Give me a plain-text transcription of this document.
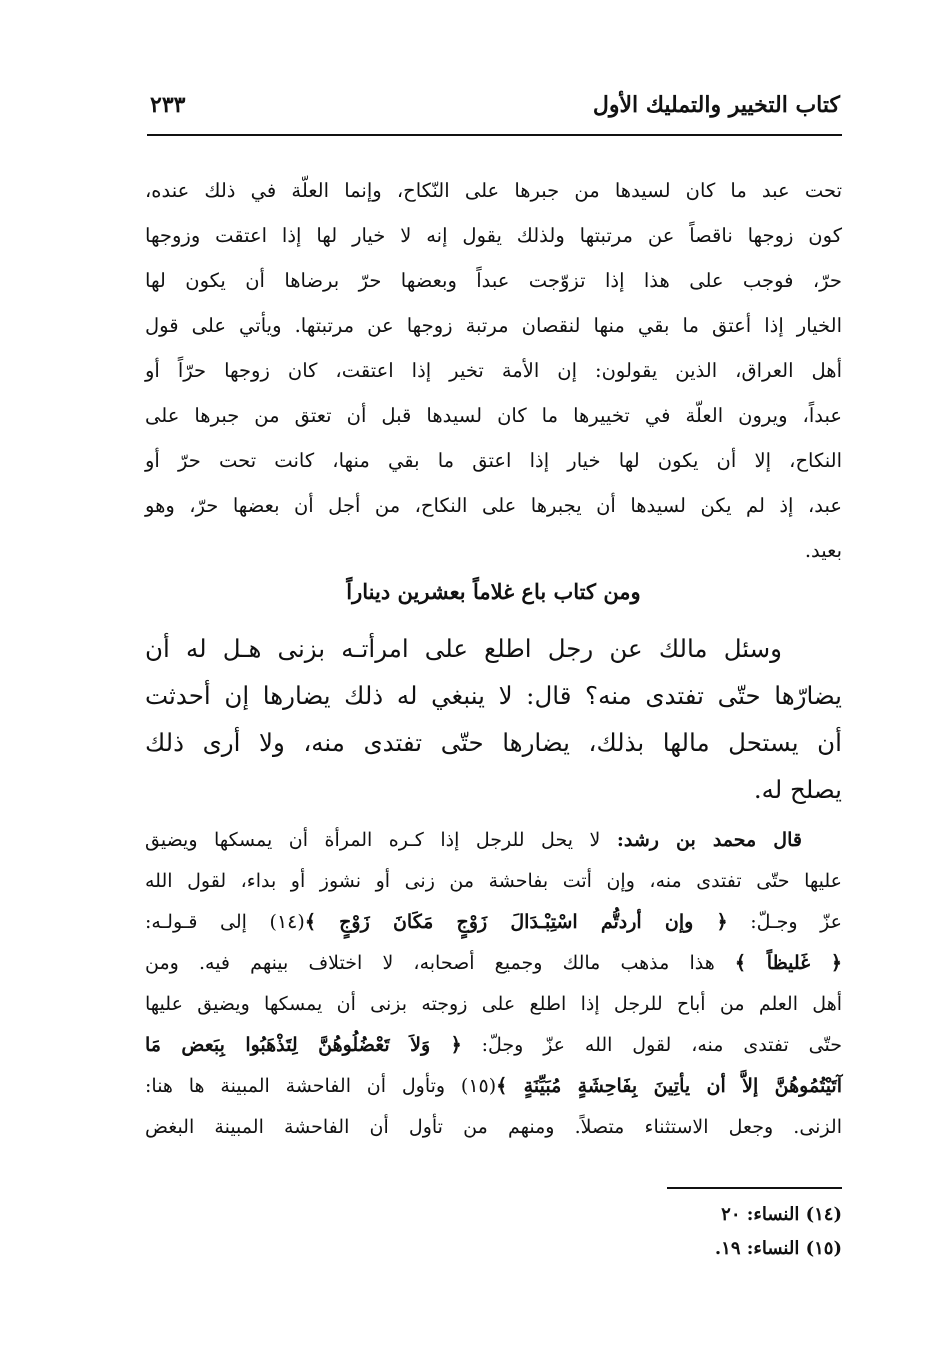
كتاب التخيير والتمليك الأول
٢٣٣
تحت عبد ما كان لسيدها من جبرها على النّكاح، وإنما العلّة في ذلك عنده،
كون زوجها ناقصاً عن مرتبتها ولذلك يقول إنه لا خيار لها إذا اعتقت وزوجها
حرّ، فوجب على هذا إذا تزوّجت عبداً وبعضها حرّ برضاها أن يكون لها
الخيار إذا أعتق ما بقي منها لنقصان مرتبة زوجها عن مرتبتها. ويأتي على قول
أهل العراق، الذين يقولون: إن الأمة تخير إذا اعتقت، كان زوجها حرّاً أو
عبداً، ويرون العلّة في تخييرها ما كان لسيدها قبل أن تعتق من جبرها على
النكاح، إلا أن يكون لها خيار إذا اعتق ما بقي منها، كانت تحت حرّ أو
عبد، إذ لم يكن لسيدها أن يجبرها على النكاح، من أجل أن بعضها حرّ، وهو
بعيد.
ومن كتاب باع غلاماً بعشرين ديناراً
وسئل مالك عن رجل اطلع على امرأتـه بزنى هـل له أن
يضارّها حتّى تفتدى منه؟ قال: لا ينبغي له ذلك يضارها إن أحدثت
أن يستحل مالها بذلك، يضارها حتّى تفتدى منه، ولا أرى ذلك
يصلح له.
قال محمد بن رشد: لا يحل للرجل إذا كـره المرأة أن يمسكها ويضيق
عليها حتّى تفتدى منه، وإن أتت بفاحشة من زنى أو نشوز أو بداء، لقول الله
عزّ وجـلّ: ﴿ وإن أردتُّم اسْتِبْـدَالَ زَوْجٍ مَكَانَ زَوْجٍ ﴾(١٤) إلى قـولـه:
﴿ غَليظاً ﴾ هذا مذهب مالك وجميع أصحابه، لا اختلاف بينهم فيه. ومن
أهل العلم من أباح للرجل إذا اطلع على زوجته بزنى أن يمسكها ويضيق عليها
حتّى تفتدى منه، لقول الله عزّ وجلّ: ﴿ وَلاَ تَعْضُلُوهُنَّ لِتَذْهَبُوا بِبَعض مَا
آتَيْتُمُوهُنَّ إلاَّ أن يأتِينَ بِفَاحِشَةٍ مُبَيِّنَةٍ ﴾(١٥) وتأول أن الفاحشة المبينة ها هنا:
الزنى. وجعل الاستثناء متصلاً. ومنهم من تأول أن الفاحشة المبينة البغض
(١٤) النساء: ٢٠
(١٥) النساء: ١٩.
